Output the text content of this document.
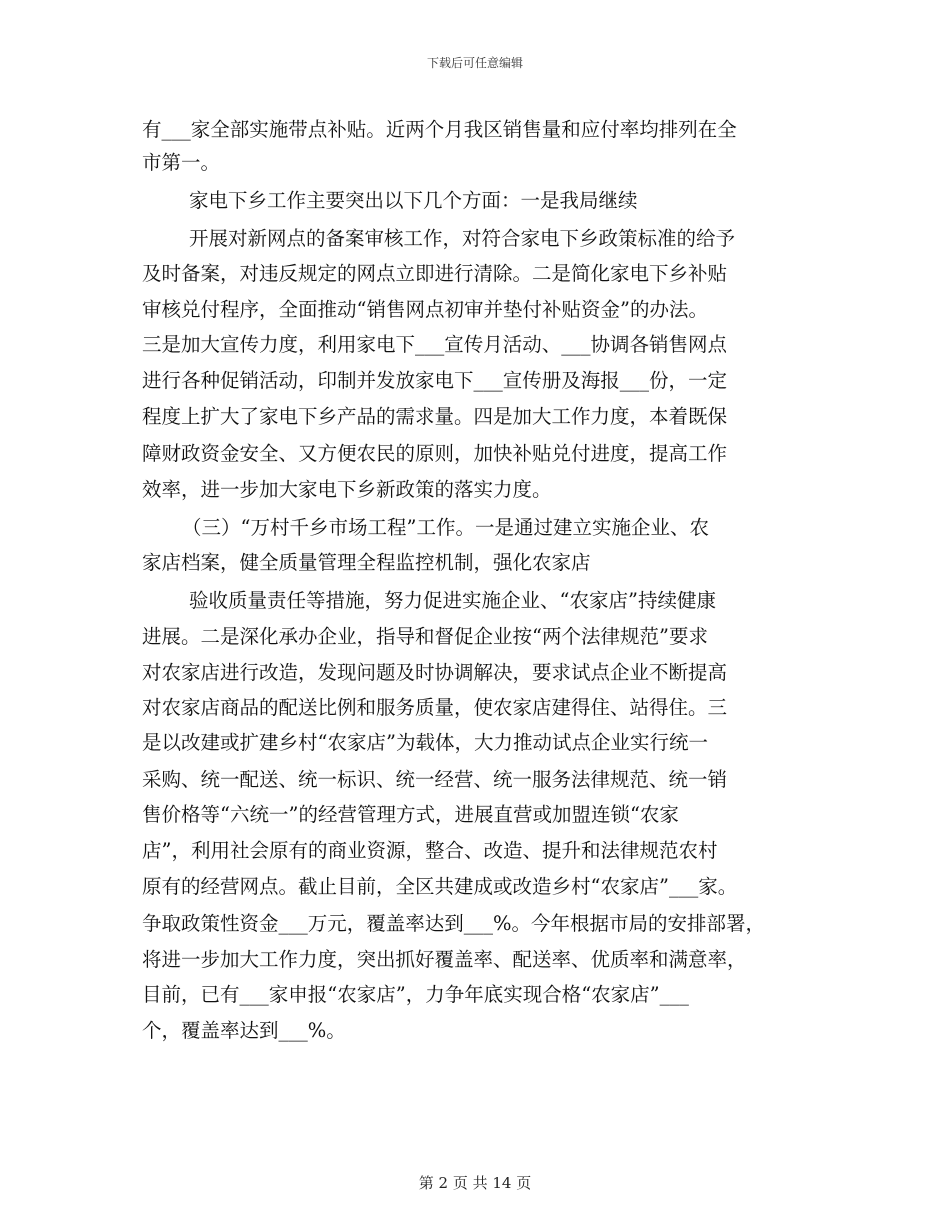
下载后可任意编辑
有___家全部实施带点补贴。近两个月我区销售量和应付率均排列在全
市第一。
家电下乡工作主要突出以下几个方面：一是我局继续
开展对新网点的备案审核工作，对符合家电下乡政策标准的给予
及时备案，对违反规定的网点立即进行清除。二是简化家电下乡补贴
审核兑付程序，全面推动“销售网点初审并垫付补贴资金”的办法。
三是加大宣传力度，利用家电下___宣传月活动、___协调各销售网点
进行各种促销活动，印制并发放家电下___宣传册及海报___份，一定
程度上扩大了家电下乡产品的需求量。四是加大工作力度，本着既保
障财政资金安全、又方便农民的原则，加快补贴兑付进度，提高工作
效率，进一步加大家电下乡新政策的落实力度。
（三）“万村千乡市场工程”工作。一是通过建立实施企业、农
家店档案，健全质量管理全程监控机制，强化农家店
验收质量责任等措施，努力促进实施企业、“农家店”持续健康
进展。二是深化承办企业，指导和督促企业按“两个法律规范”要求
对农家店进行改造，发现问题及时协调解决，要求试点企业不断提高
对农家店商品的配送比例和服务质量，使农家店建得住、站得住。三
是以改建或扩建乡村“农家店”为载体，大力推动试点企业实行统一
采购、统一配送、统一标识、统一经营、统一服务法律规范、统一销
售价格等“六统一”的经营管理方式，进展直营或加盟连锁“农家
店”，利用社会原有的商业资源，整合、改造、提升和法律规范农村
原有的经营网点。截止目前，全区共建成或改造乡村“农家店”___家。
争取政策性资金___万元，覆盖率达到___%。今年根据市局的安排部署，
将进一步加大工作力度，突出抓好覆盖率、配送率、优质率和满意率，
目前，已有___家申报“农家店”，力争年底实现合格“农家店”___
个，覆盖率达到___%。
第 2 页 共 14 页
